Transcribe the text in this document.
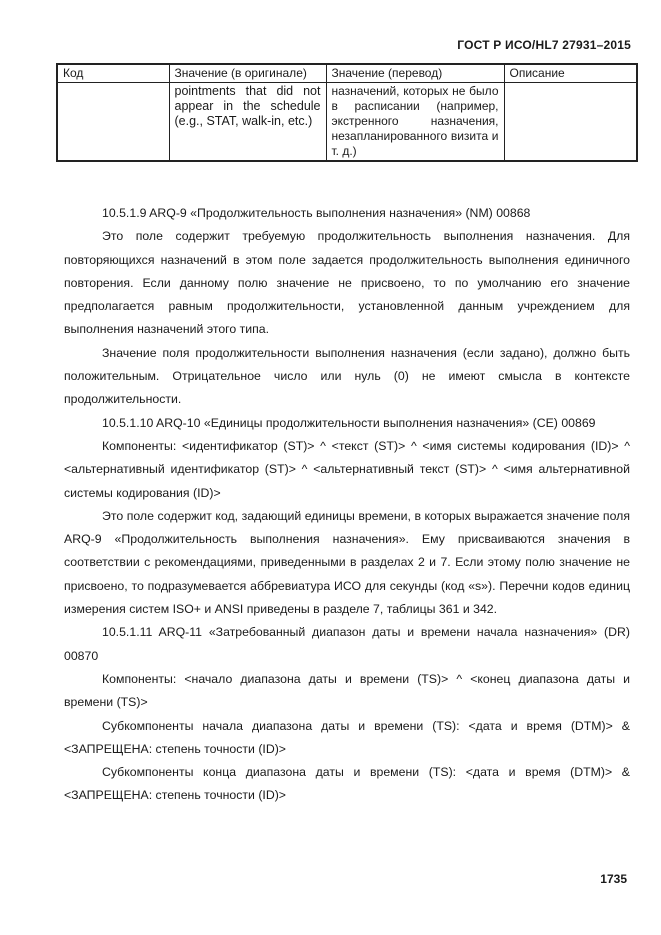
ГОСТ Р ИСО/HL7 27931–2015
Код	Значение (в оригинале)	Значение (перевод)	Описание
	pointments that did not appear in the schedule (e.g., STAT, walk-in, etc.)	назначений, которых не было в расписании (например, экстренного назначения, незапланированного визита и т. д.)	

10.5.1.9 ARQ-9 «Продолжительность выполнения назначения» (NM) 00868

Это поле содержит требуемую продолжительность выполнения назначения. Для повторяющихся назначений в этом поле задается продолжительность выполнения единичного повторения. Если данному полю значение не присвоено, то по умолчанию его значение предполагается равным продолжительности, установленной данным учреждением для выполнения назначений этого типа.

Значение поля продолжительности выполнения назначения (если задано), должно быть положительным. Отрицательное число или нуль (0) не имеют смысла в контексте продолжительности.

10.5.1.10 ARQ-10 «Единицы продолжительности выполнения назначения» (CE) 00869

Компоненты: <идентификатор (ST)> ^ <текст (ST)> ^ <имя системы кодирования (ID)> ^ <альтернативный идентификатор (ST)> ^ <альтернативный текст (ST)> ^ <имя альтернативной системы кодирования (ID)>

Это поле содержит код, задающий единицы времени, в которых выражается значение поля ARQ-9 «Продолжительность выполнения назначения». Ему присваиваются значения в соответствии с рекомендациями, приведенными в разделах 2 и 7. Если этому полю значение не присвоено, то подразумевается аббревиатура ИСО для секунды (код «s»). Перечни кодов единиц измерения систем ISO+ и ANSI приведены в разделе 7, таблицы 361 и 342.

10.5.1.11 ARQ-11 «Затребованный диапазон даты и времени начала назначения» (DR) 00870

Компоненты: <начало диапазона даты и времени (TS)> ^ <конец диапазона даты и времени (TS)>

Субкомпоненты начала диапазона даты и времени (TS): <дата и время (DTM)> & <ЗАПРЕЩЕНА: степень точности (ID)>

Субкомпоненты конца диапазона даты и времени (TS): <дата и время (DTM)> & <ЗАПРЕЩЕНА: степень точности (ID)>

1735
